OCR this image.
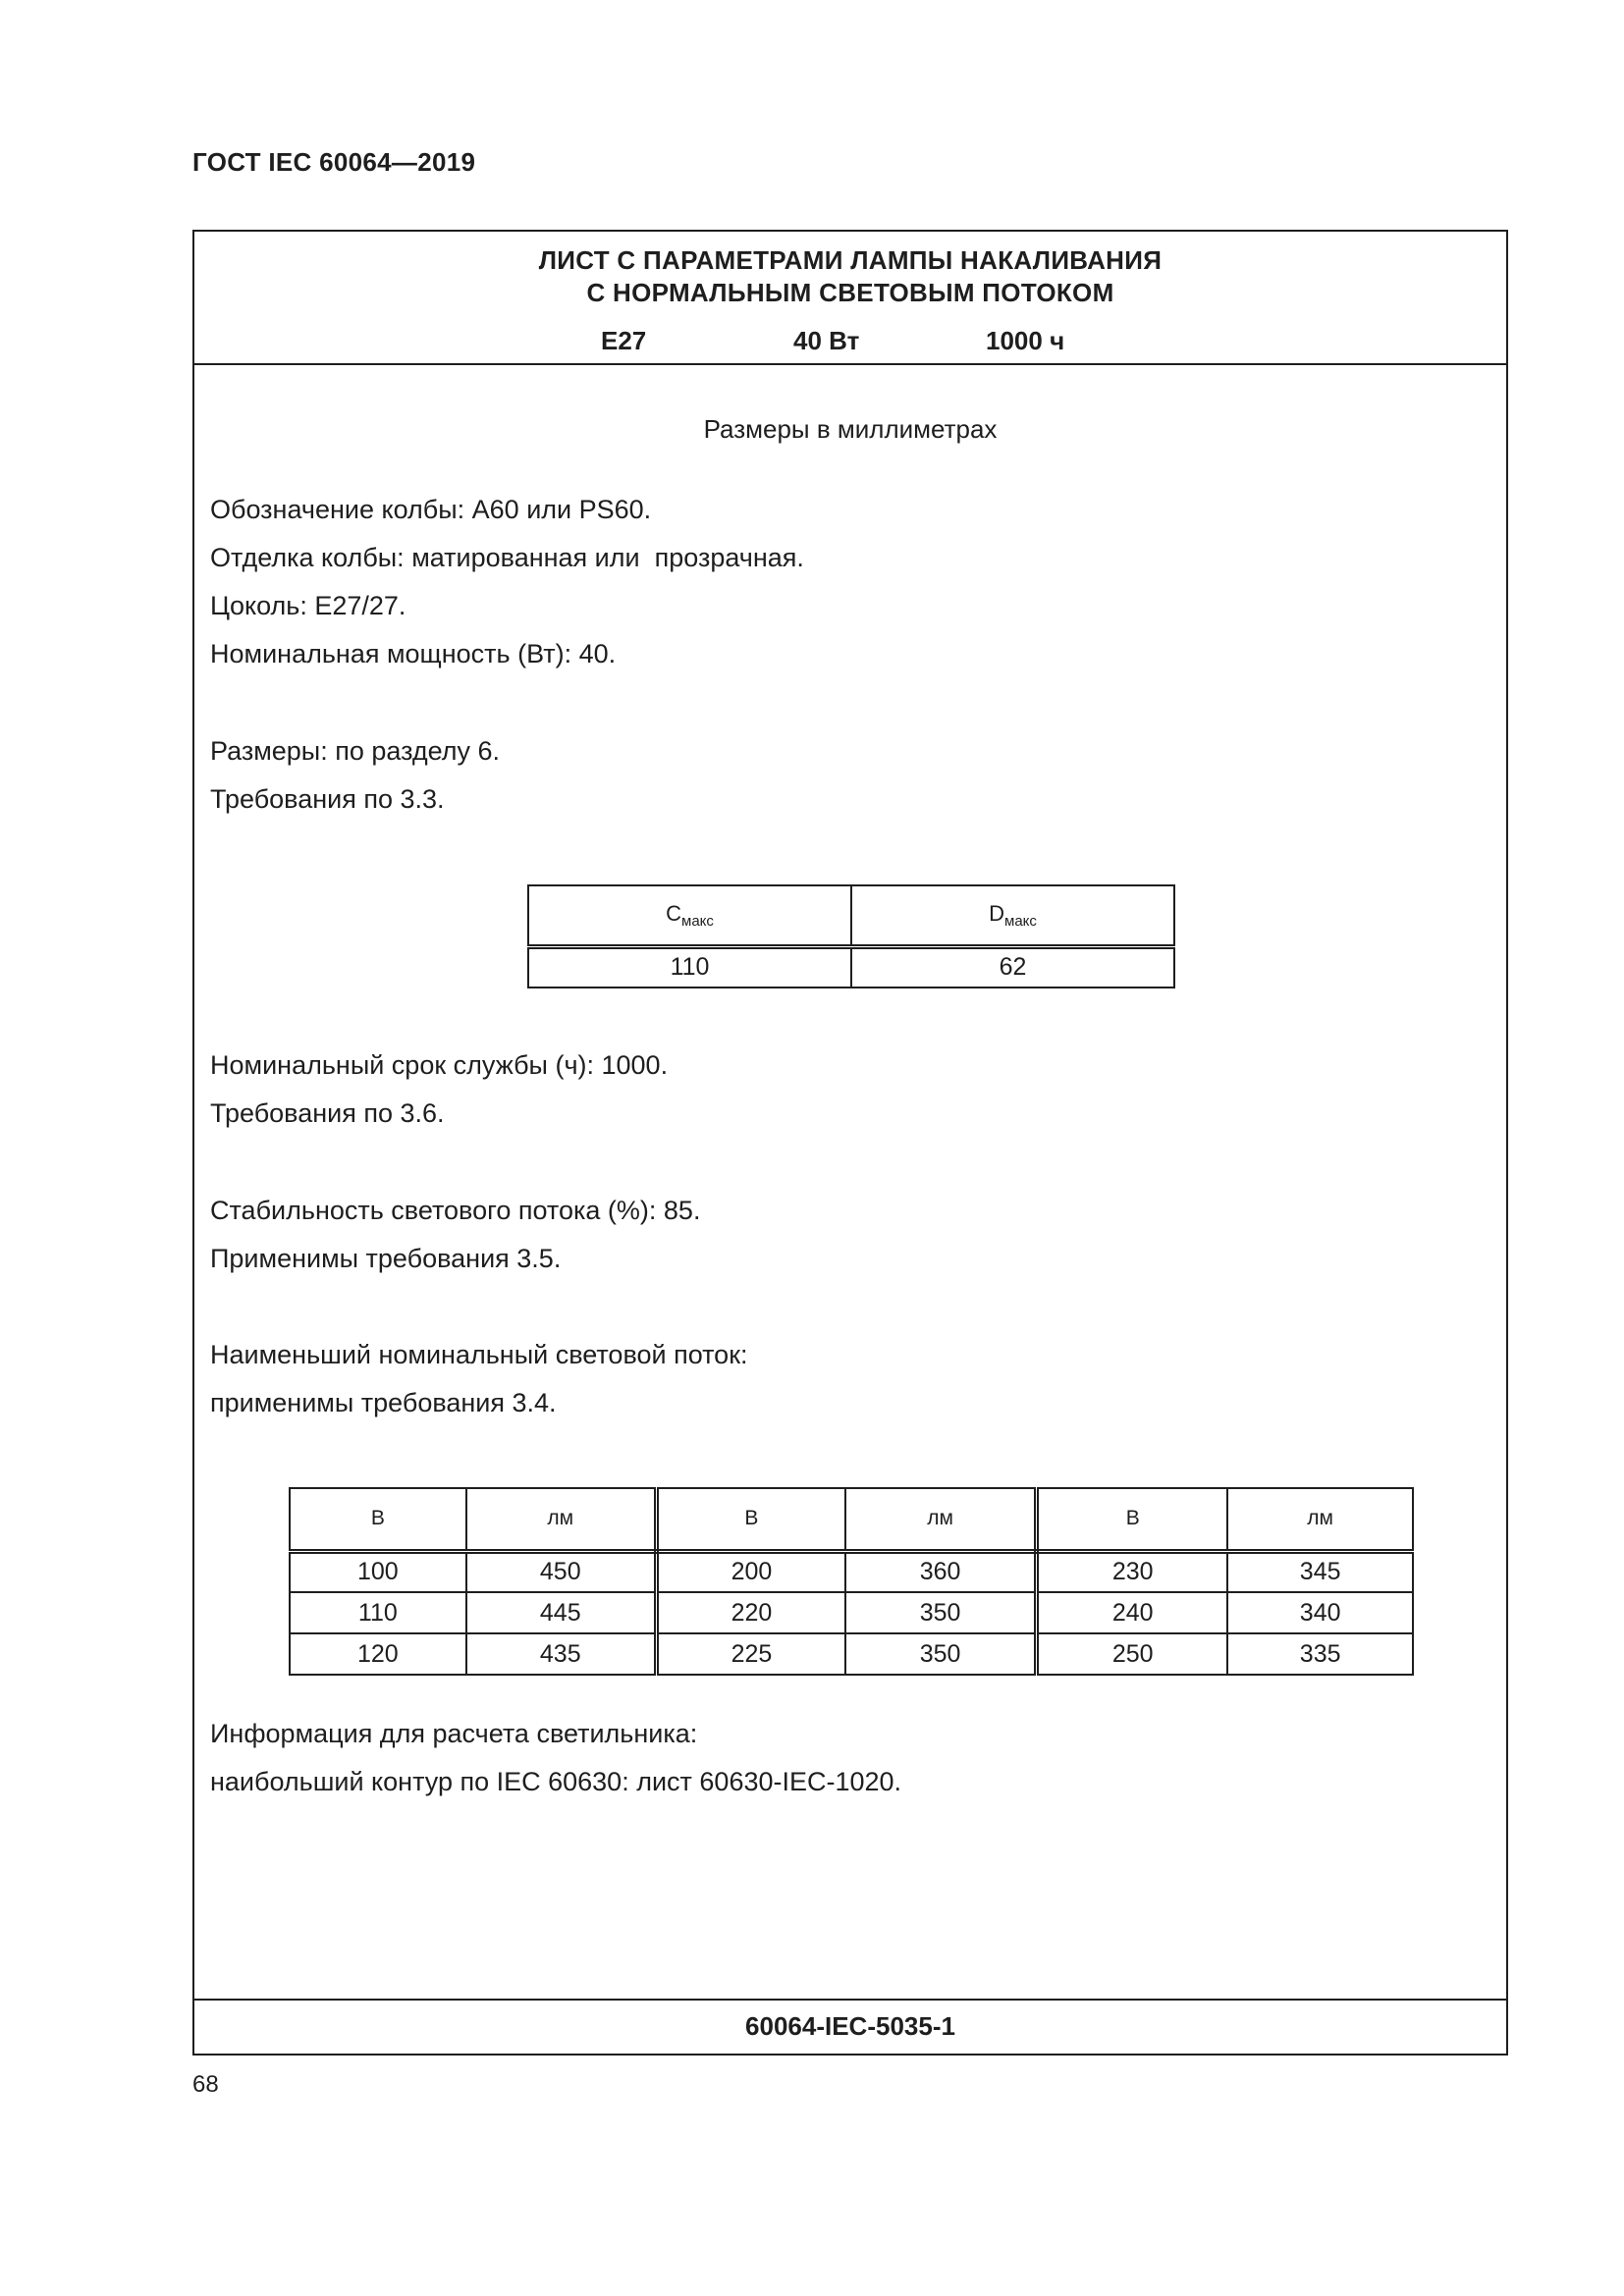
ГОСТ IEC 60064—2019
ЛИСТ С ПАРАМЕТРАМИ ЛАМПЫ НАКАЛИВАНИЯ
С НОРМАЛЬНЫМ СВЕТОВЫМ ПОТОКОМ
E27	40 Вт	1000 ч
Размеры в миллиметрах
Обозначение колбы: A60 или PS60.
Отделка колбы: матированная или  прозрачная.
Цоколь: E27/27.
Номинальная мощность (Вт): 40.
Размеры: по разделу 6.
Требования по 3.3.
$C_{макс}$	$D_{макс}$
110	62
Номинальный срок службы (ч): 1000.
Требования по 3.6.
Стабильность светового потока (%): 85.
Применимы требования 3.5.
Наименьший номинальный световой поток:
применимы требования 3.4.
В	лм	В	лм	В	лм
100	450	200	360	230	345
110	445	220	350	240	340
120	435	225	350	250	335
Информация для расчета светильника:
наибольший контур по IEC 60630: лист 60630-IEC-1020.
60064-IEC-5035-1
68
